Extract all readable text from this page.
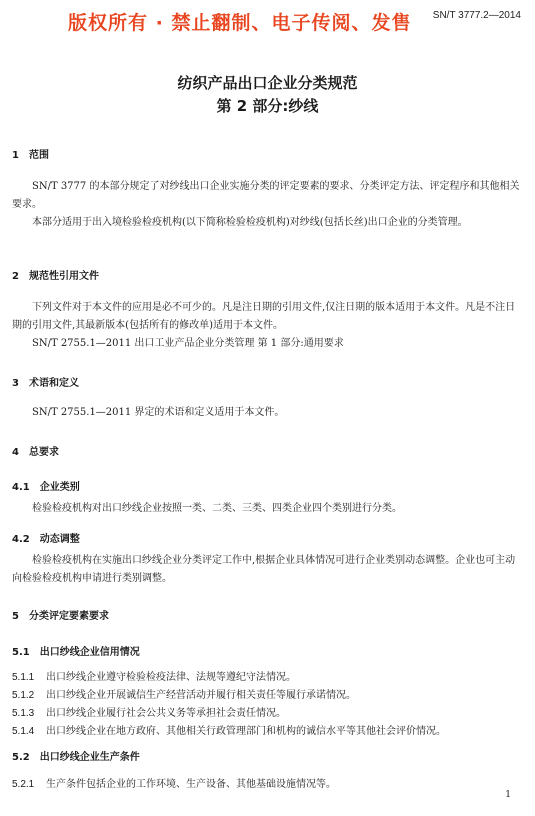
版权所有 · 禁止翻制、电子传阅、发售 SN/T 3777.2—2014
纺织产品出口企业分类规范
第 2 部分:纱线
1 范围
SN/T 3777 的本部分规定了对纱线出口企业实施分类的评定要素的要求、分类评定方法、评定程序和其他相关要求。
本部分适用于出入境检验检疫机构(以下简称检验检疫机构)对纱线(包括长丝)出口企业的分类管理。
2 规范性引用文件
下列文件对于本文件的应用是必不可少的。凡是注日期的引用文件,仅注日期的版本适用于本文件。凡是不注日期的引用文件,其最新版本(包括所有的修改单)适用于本文件。
SN/T 2755.1—2011 出口工业产品企业分类管理 第 1 部分:通用要求
3 术语和定义
SN/T 2755.1—2011 界定的术语和定义适用于本文件。
4 总要求
4.1 企业类别
检验检疫机构对出口纱线企业按照一类、二类、三类、四类企业四个类别进行分类。
4.2 动态调整
检验检疫机构在实施出口纱线企业分类评定工作中,根据企业具体情况可进行企业类别动态调整。企业也可主动向检验检疫机构申请进行类别调整。
5 分类评定要素要求
5.1 出口纱线企业信用情况
5.1.1 出口纱线企业遵守检验检疫法律、法规等遵纪守法情况。
5.1.2 出口纱线企业开展诚信生产经营活动并履行相关责任等履行承诺情况。
5.1.3 出口纱线企业履行社会公共义务等承担社会责任情况。
5.1.4 出口纱线企业在地方政府、其他相关行政管理部门和机构的诚信水平等其他社会评价情况。
5.2 出口纱线企业生产条件
5.2.1 生产条件包括企业的工作环境、生产设备、其他基础设施情况等。
1
